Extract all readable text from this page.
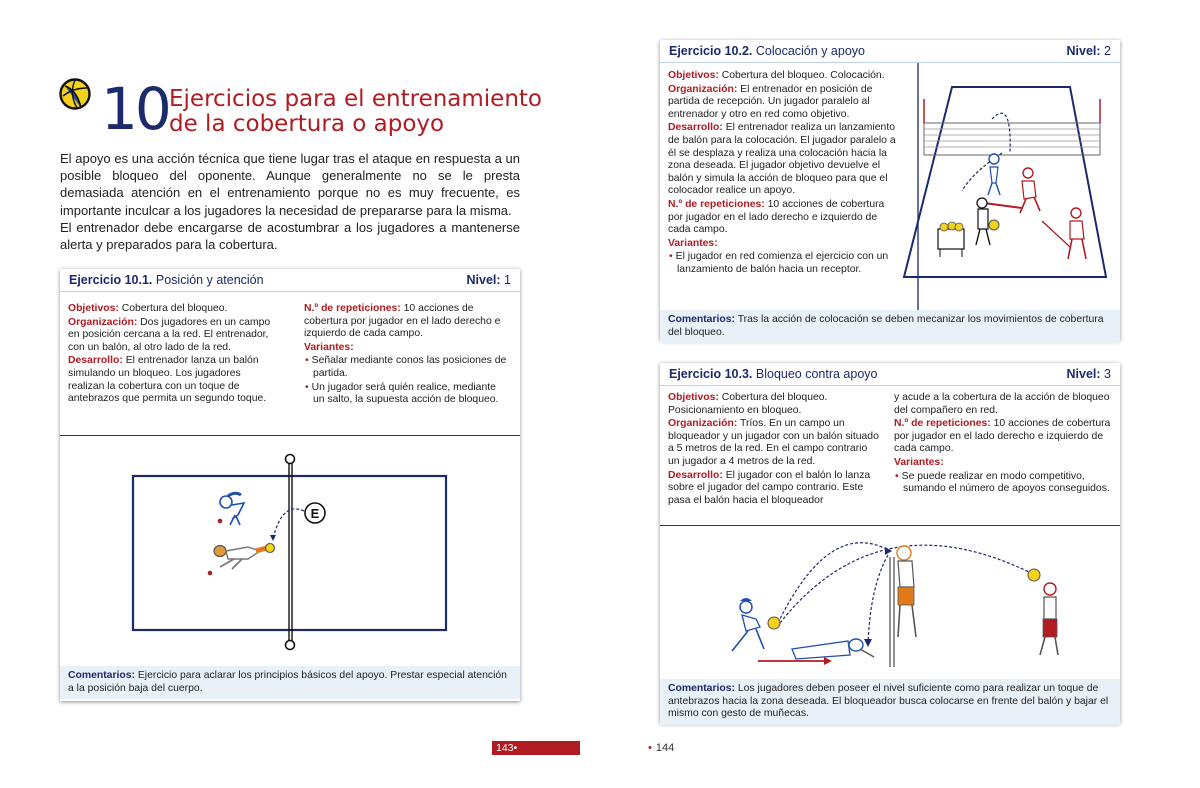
10 Ejercicios para el entrenamiento
de la cobertura o apoyo

El apoyo es una acción técnica que tiene lugar tras el ataque en respuesta a un posible bloqueo del oponente. Aunque generalmente no se le presta demasiada atención en el entrenamiento porque no es muy frecuente, es importante inculcar a los jugadores la necesidad de prepararse para la misma.

El entrenador debe encargarse de acostumbrar a los jugadores a mantenerse alerta y preparados para la cobertura.

Ejercicio 10.1. Posición y atención	Nivel: 1

Objetivos: Cobertura del bloqueo.

Organización: Dos jugadores en un campo en posición cercana a la red. El entrenador, con un balón, al otro lado de la red.

Desarrollo: El entrenador lanza un balón simulando un bloqueo. Los jugadores realizan la cobertura con un toque de antebrazos que permita un segundo toque.

N.º de repeticiones: 10 acciones de cobertura por jugador en el lado derecho e izquierdo de cada campo.

Variantes:

• Señalar mediante conos las posiciones de partida.

• Un jugador será quién realice, mediante un salto, la supuesta acción de bloqueo.

E
Comentarios: Ejercicio para aclarar los principios básicos del apoyo. Prestar especial atención a la posición baja del cuerpo.
143•
Ejercicio 10.2. Colocación y apoyo	Nivel: 2

Objetivos: Cobertura del bloqueo. Colocación.

Organización: El entrenador en posición de partida de recepción. Un jugador paralelo al entrenador y otro en red como objetivo.

Desarrollo: El entrenador realiza un lanzamiento de balón para la colocación. El jugador paralelo a él se desplaza y realiza una colocación hacia la zona deseada. El jugador objetivo devuelve el balón y simula la acción de bloqueo para que el colocador realice un apoyo.

N.º de repeticiones: 10 acciones de cobertura por jugador en el lado derecho e izquierdo de cada campo.

Variantes:

• El jugador en red comienza el ejercicio con un lanzamiento de balón hacia un receptor.

Comentarios: Tras la acción de colocación se deben mecanizar los movimientos de cobertura del bloqueo.
Ejercicio 10.3. Bloqueo contra apoyo	Nivel: 3

Objetivos: Cobertura del bloqueo. Posicionamiento en bloqueo.

Organización: Tríos. En un campo un bloqueador y un jugador con un balón situado a 5 metros de la red. En el campo contrario un jugador a 4 metros de la red.

Desarrollo: El jugador con el balón lo lanza sobre el jugador del campo contrario. Este pasa el balón hacia el bloqueador

y acude a la cobertura de la acción de bloqueo del compañero en red.

N.º de repeticiones: 10 acciones de cobertura por jugador en el lado derecho e izquierdo de cada campo.

Variantes:

• Se puede realizar en modo competitivo, sumando el número de apoyos conseguidos.

Comentarios: Los jugadores deben poseer el nivel suficiente como para realizar un toque de antebrazos hacia la zona deseada. El bloqueador busca colocarse en frente del balón y bajar el mismo con gesto de muñecas.
• 144
